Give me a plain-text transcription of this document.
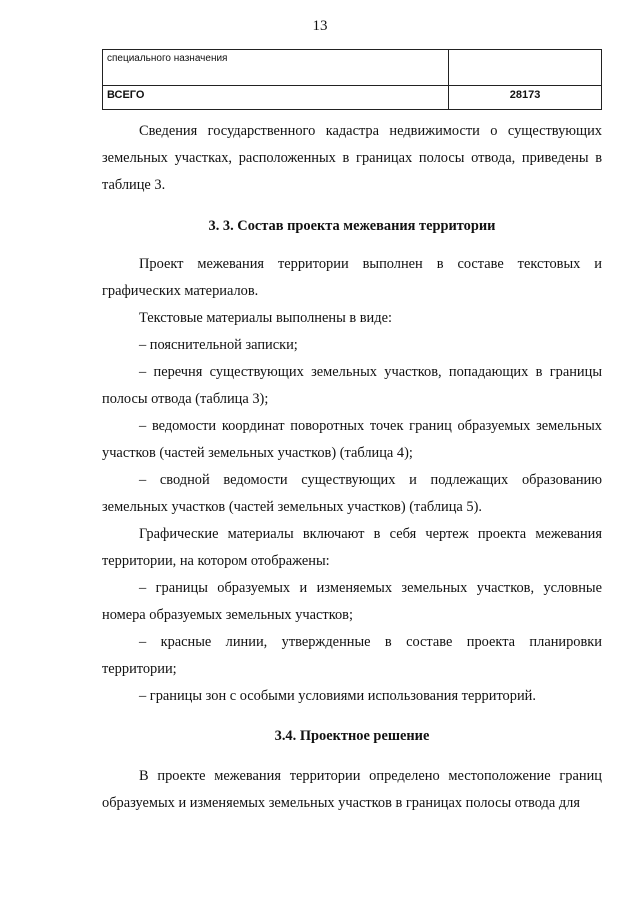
13
специального назначения	
ВСЕГО	28173

Сведения государственного кадастра недвижимости о существующих земельных участках, расположенных в границах полосы отвода, приведены в таблице 3.

3. 3. Состав проекта межевания территории

Проект межевания территории выполнен в составе текстовых и графических материалов.

Текстовые материалы выполнены в виде:

– пояснительной записки;

– перечня существующих земельных участков, попадающих в границы полосы отвода (таблица 3);

– ведомости координат поворотных точек границ образуемых земельных участков (частей земельных участков) (таблица 4);

– сводной ведомости существующих и подлежащих образованию земельных участков (частей земельных участков) (таблица 5).

Графические материалы включают в себя чертеж проекта межевания территории, на котором отображены:

– границы образуемых и изменяемых земельных участков, условные номера образуемых земельных участков;

– красные линии, утвержденные в составе проекта планировки территории;

– границы зон с особыми условиями использования территорий.

3.4. Проектное решение

В проекте межевания территории определено местоположение границ образуемых и изменяемых земельных участков в границах полосы отвода для
